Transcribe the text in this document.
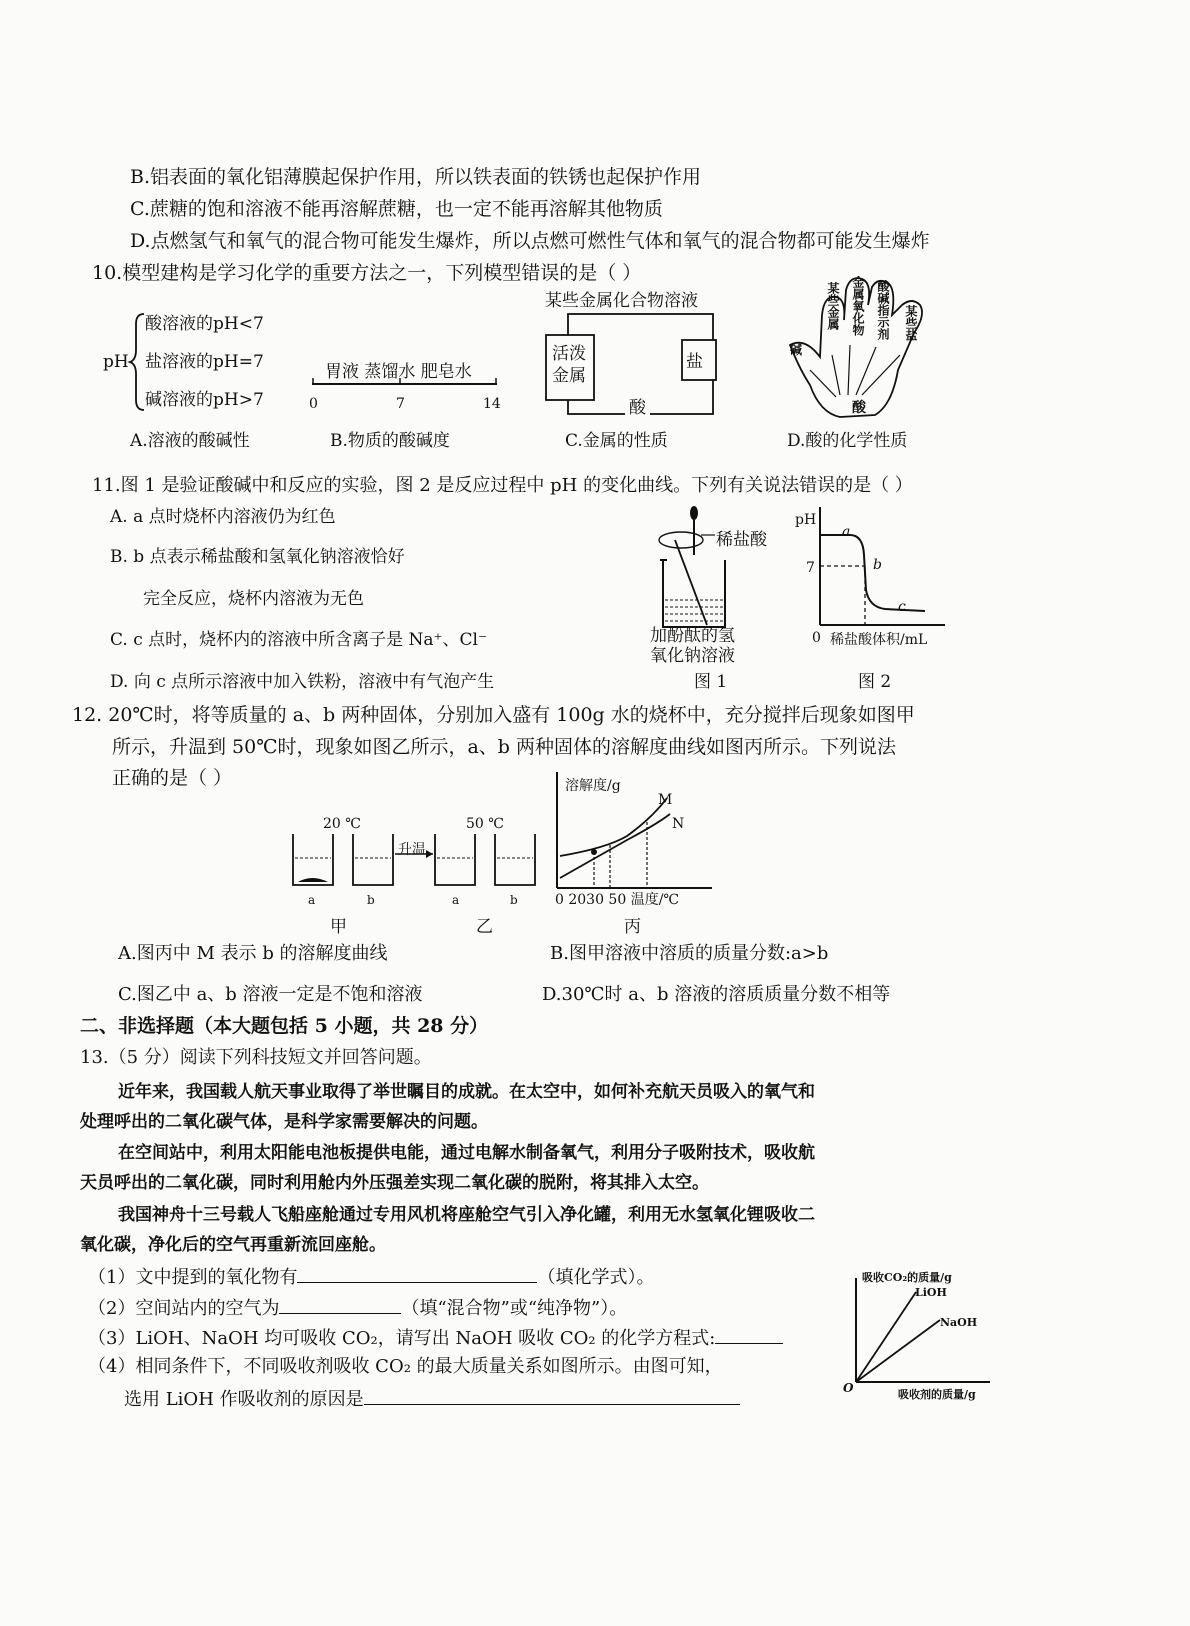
B.铝表面的氧化铝薄膜起保护作用，所以铁表面的铁锈也起保护作用
C.蔗糖的饱和溶液不能再溶解蔗糖，也一定不能再溶解其他物质
D.点燃氢气和氧气的混合物可能发生爆炸，所以点燃可燃性气体和氧气的混合物都可能发生爆炸
10.模型建构是学习化学的重要方法之一，下列模型错误的是（ ）
pH
酸溶液的pH<7
盐溶液的pH=7
碱溶液的pH>7
胃液 蒸馏水 肥皂水
0	7	14
某些金属化合物溶液
活泼
金属
盐
酸
某些金属 金属氧化物 酸碱指示剂 某些盐
碱
酸
A.溶液的酸碱性	B.物质的酸碱度	C.金属的性质	D.酸的化学性质
11.图 1 是验证酸碱中和反应的实验，图 2 是反应过程中 pH 的变化曲线。下列有关说法错误的是（ ）
A. a 点时烧杯内溶液仍为红色
B. b 点表示稀盐酸和氢氧化钠溶液恰好
完全反应，烧杯内溶液为无色
C. c 点时，烧杯内的溶液中所含离子是 Na⁺、Cl⁻
D. 向 c 点所示溶液中加入铁粉，溶液中有气泡产生
稀盐酸
加酚酞的氢
氧化钠溶液
图 1
pH
a
b
c
7
0 稀盐酸体积/mL
图 2
12. 20℃时，将等质量的 a、b 两种固体，分别加入盛有 100g 水的烧杯中，充分搅拌后现象如图甲
所示，升温到 50℃时，现象如图乙所示，a、b 两种固体的溶解度曲线如图丙所示。下列说法
正确的是（ ）
20 ℃	50 ℃
升温
a	b	a	b
甲	乙	丙
溶解度/g
M
N
0 2030 50 温度/℃
A.图丙中 M 表示 b 的溶解度曲线	B.图甲溶液中溶质的质量分数:a>b
C.图乙中 a、b 溶液一定是不饱和溶液	D.30℃时 a、b 溶液的溶质质量分数不相等
二、非选择题（本大题包括 5 小题，共 28 分）
13.（5 分）阅读下列科技短文并回答问题。
近年来，我国载人航天事业取得了举世瞩目的成就。在太空中，如何补充航天员吸入的氧气和
处理呼出的二氧化碳气体，是科学家需要解决的问题。
在空间站中，利用太阳能电池板提供电能，通过电解水制备氧气，利用分子吸附技术，吸收航
天员呼出的二氧化碳，同时利用舱内外压强差实现二氧化碳的脱附，将其排入太空。
我国神舟十三号载人飞船座舱通过专用风机将座舱空气引入净化罐，利用无水氢氧化锂吸收二
氧化碳，净化后的空气再重新流回座舱。
（1）文中提到的氧化物有	（填化学式）。
（2）空间站内的空气为	（填“混合物”或“纯净物”）。
（3）LiOH、NaOH 均可吸收 CO₂，请写出 NaOH 吸收 CO₂ 的化学方程式:
（4）相同条件下，不同吸收剂吸收 CO₂ 的最大质量关系如图所示。由图可知，
选用 LiOH 作吸收剂的原因是
吸收CO₂的质量/g
LiOH
NaOH
O	吸收剂的质量/g
